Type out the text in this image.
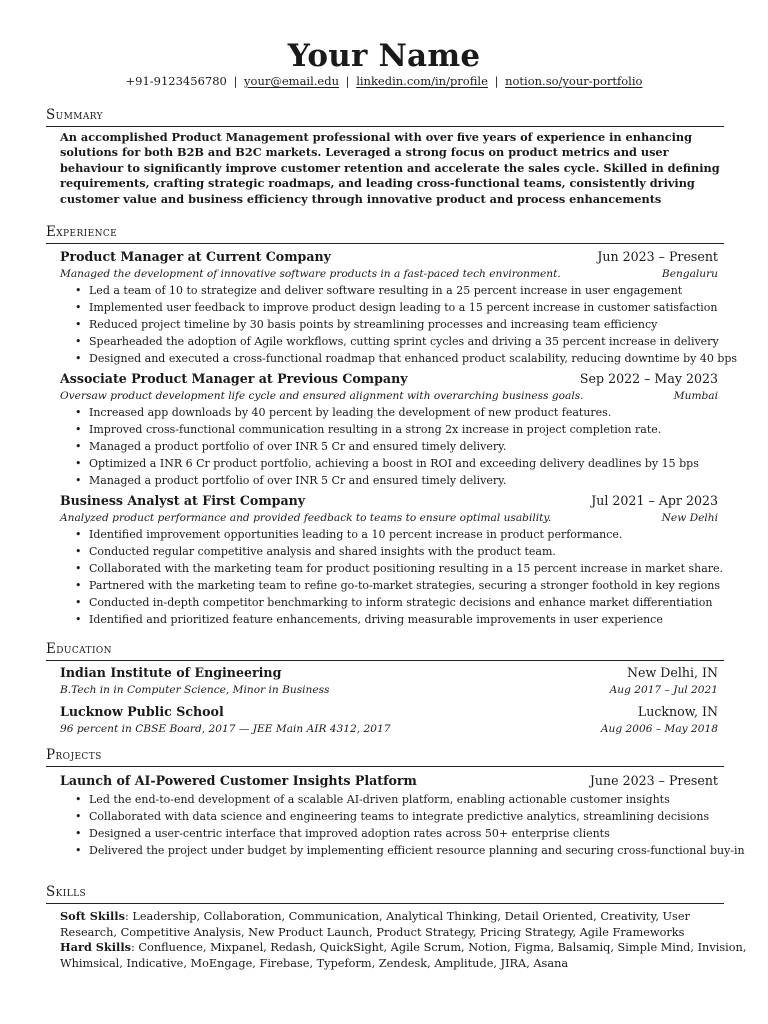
Your Name
+91-9123456780 | your@email.edu | linkedin.com/in/profile | notion.so/your-portfolio
Summary
An accomplished Product Management professional with over five years of experience in enhancing
solutions for both B2B and B2C markets. Leveraged a strong focus on product metrics and user
behaviour to significantly improve customer retention and accelerate the sales cycle. Skilled in defining
requirements, crafting strategic roadmaps, and leading cross-functional teams, consistently driving
customer value and business efficiency through innovative product and process enhancements
Experience
Product Manager at Current Company	Jun 2023 – Present
Managed the development of innovative software products in a fast-paced tech environment.	Bengaluru
• Led a team of 10 to strategize and deliver software resulting in a 25 percent increase in user engagement
• Implemented user feedback to improve product design leading to a 15 percent increase in customer satisfaction
• Reduced project timeline by 30 basis points by streamlining processes and increasing team efficiency
• Spearheaded the adoption of Agile workflows, cutting sprint cycles and driving a 35 percent increase in delivery
• Designed and executed a cross-functional roadmap that enhanced product scalability, reducing downtime by 40 bps
Associate Product Manager at Previous Company	Sep 2022 – May 2023
Oversaw product development life cycle and ensured alignment with overarching business goals.	Mumbai
• Increased app downloads by 40 percent by leading the development of new product features.
• Improved cross-functional communication resulting in a strong 2x increase in project completion rate.
• Managed a product portfolio of over INR 5 Cr and ensured timely delivery.
• Optimized a INR 6 Cr product portfolio, achieving a boost in ROI and exceeding delivery deadlines by 15 bps
• Managed a product portfolio of over INR 5 Cr and ensured timely delivery.
Business Analyst at First Company	Jul 2021 – Apr 2023
Analyzed product performance and provided feedback to teams to ensure optimal usability.	New Delhi
• Identified improvement opportunities leading to a 10 percent increase in product performance.
• Conducted regular competitive analysis and shared insights with the product team.
• Collaborated with the marketing team for product positioning resulting in a 15 percent increase in market share.
• Partnered with the marketing team to refine go-to-market strategies, securing a stronger foothold in key regions
• Conducted in-depth competitor benchmarking to inform strategic decisions and enhance market differentiation
• Identified and prioritized feature enhancements, driving measurable improvements in user experience
Education
Indian Institute of Engineering	New Delhi, IN
B.Tech in in Computer Science, Minor in Business	Aug 2017 – Jul 2021
Lucknow Public School	Lucknow, IN
96 percent in CBSE Board, 2017 — JEE Main AIR 4312, 2017	Aug 2006 – May 2018
Projects
Launch of AI-Powered Customer Insights Platform	June 2023 – Present
• Led the end-to-end development of a scalable AI-driven platform, enabling actionable customer insights
• Collaborated with data science and engineering teams to integrate predictive analytics, streamlining decisions
• Designed a user-centric interface that improved adoption rates across 50+ enterprise clients
• Delivered the project under budget by implementing efficient resource planning and securing cross-functional buy-in
Skills
Soft Skills: Leadership, Collaboration, Communication, Analytical Thinking, Detail Oriented, Creativity, User
Research, Competitive Analysis, New Product Launch, Product Strategy, Pricing Strategy, Agile Frameworks
Hard Skills: Confluence, Mixpanel, Redash, QuickSight, Agile Scrum, Notion, Figma, Balsamiq, Simple Mind, Invision,
Whimsical, Indicative, MoEngage, Firebase, Typeform, Zendesk, Amplitude, JIRA, Asana
